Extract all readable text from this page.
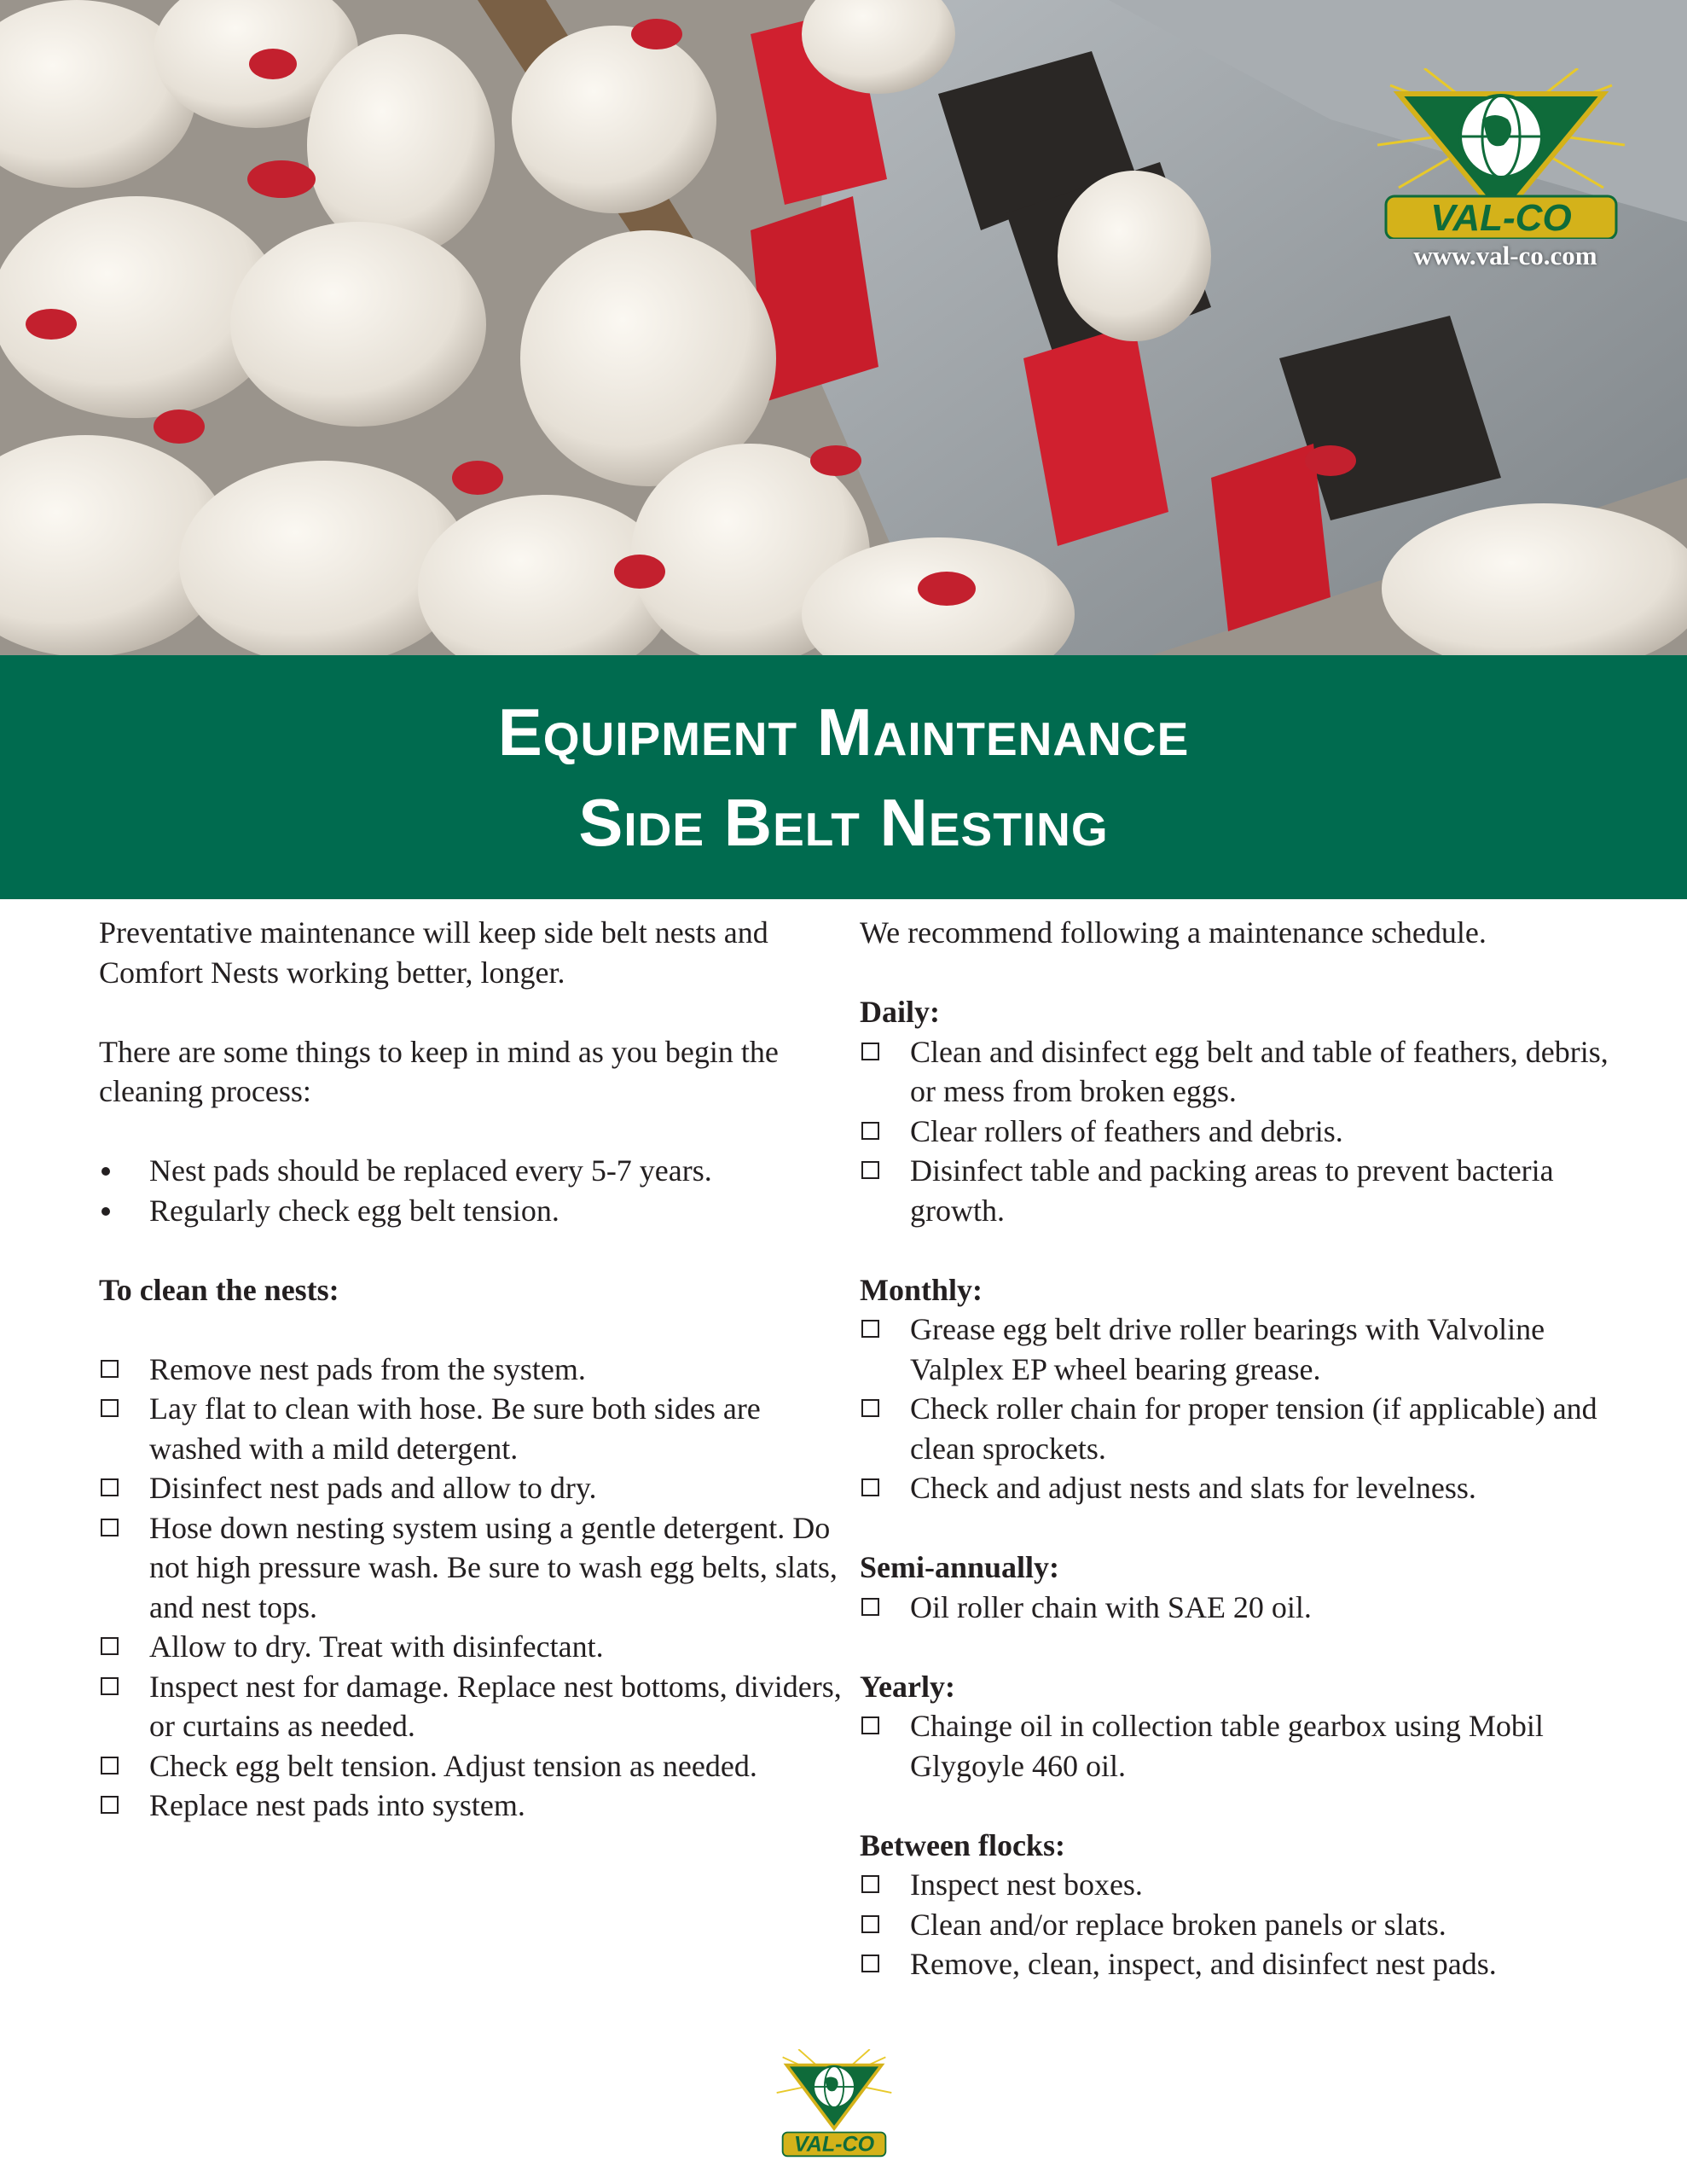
VAL-CO
www.val-co.com
Equipment Maintenance
Side Belt Nesting

Preventative maintenance will keep side belt nests and Comfort Nests working better, longer.

There are some things to keep in mind as you begin the cleaning process:

Nest pads should be replaced every 5-7 years.
Regularly check egg belt tension.

To clean the nests:

Remove nest pads from the system.
Lay flat to clean with hose. Be sure both sides are washed with a mild detergent.
Disinfect nest pads and allow to dry.
Hose down nesting system using a gentle detergent. Do not high pressure wash. Be sure to wash egg belts, slats, and nest tops.
Allow to dry. Treat with disinfectant.
Inspect nest for damage. Replace nest bottoms, dividers, or curtains as needed.
Check egg belt tension. Adjust tension as needed.
Replace nest pads into system.

We recommend following a maintenance schedule.

Daily:

Clean and disinfect egg belt and table of feathers, debris, or mess from broken eggs.
Clear rollers of feathers and debris.
Disinfect table and packing areas to prevent bacteria growth.

Monthly:

Grease egg belt drive roller bearings with Valvoline Valplex EP wheel bearing grease.
Check roller chain for proper tension (if applicable) and clean sprockets.
Check and adjust nests and slats for levelness.

Semi-annually:

Oil roller chain with SAE 20 oil.

Yearly:

Chainge oil in collection table gearbox using Mobil Glygoyle 460 oil.

Between flocks:

Inspect nest boxes.
Clean and/or replace broken panels or slats.
Remove, clean, inspect, and disinfect nest pads.
VAL-CO
